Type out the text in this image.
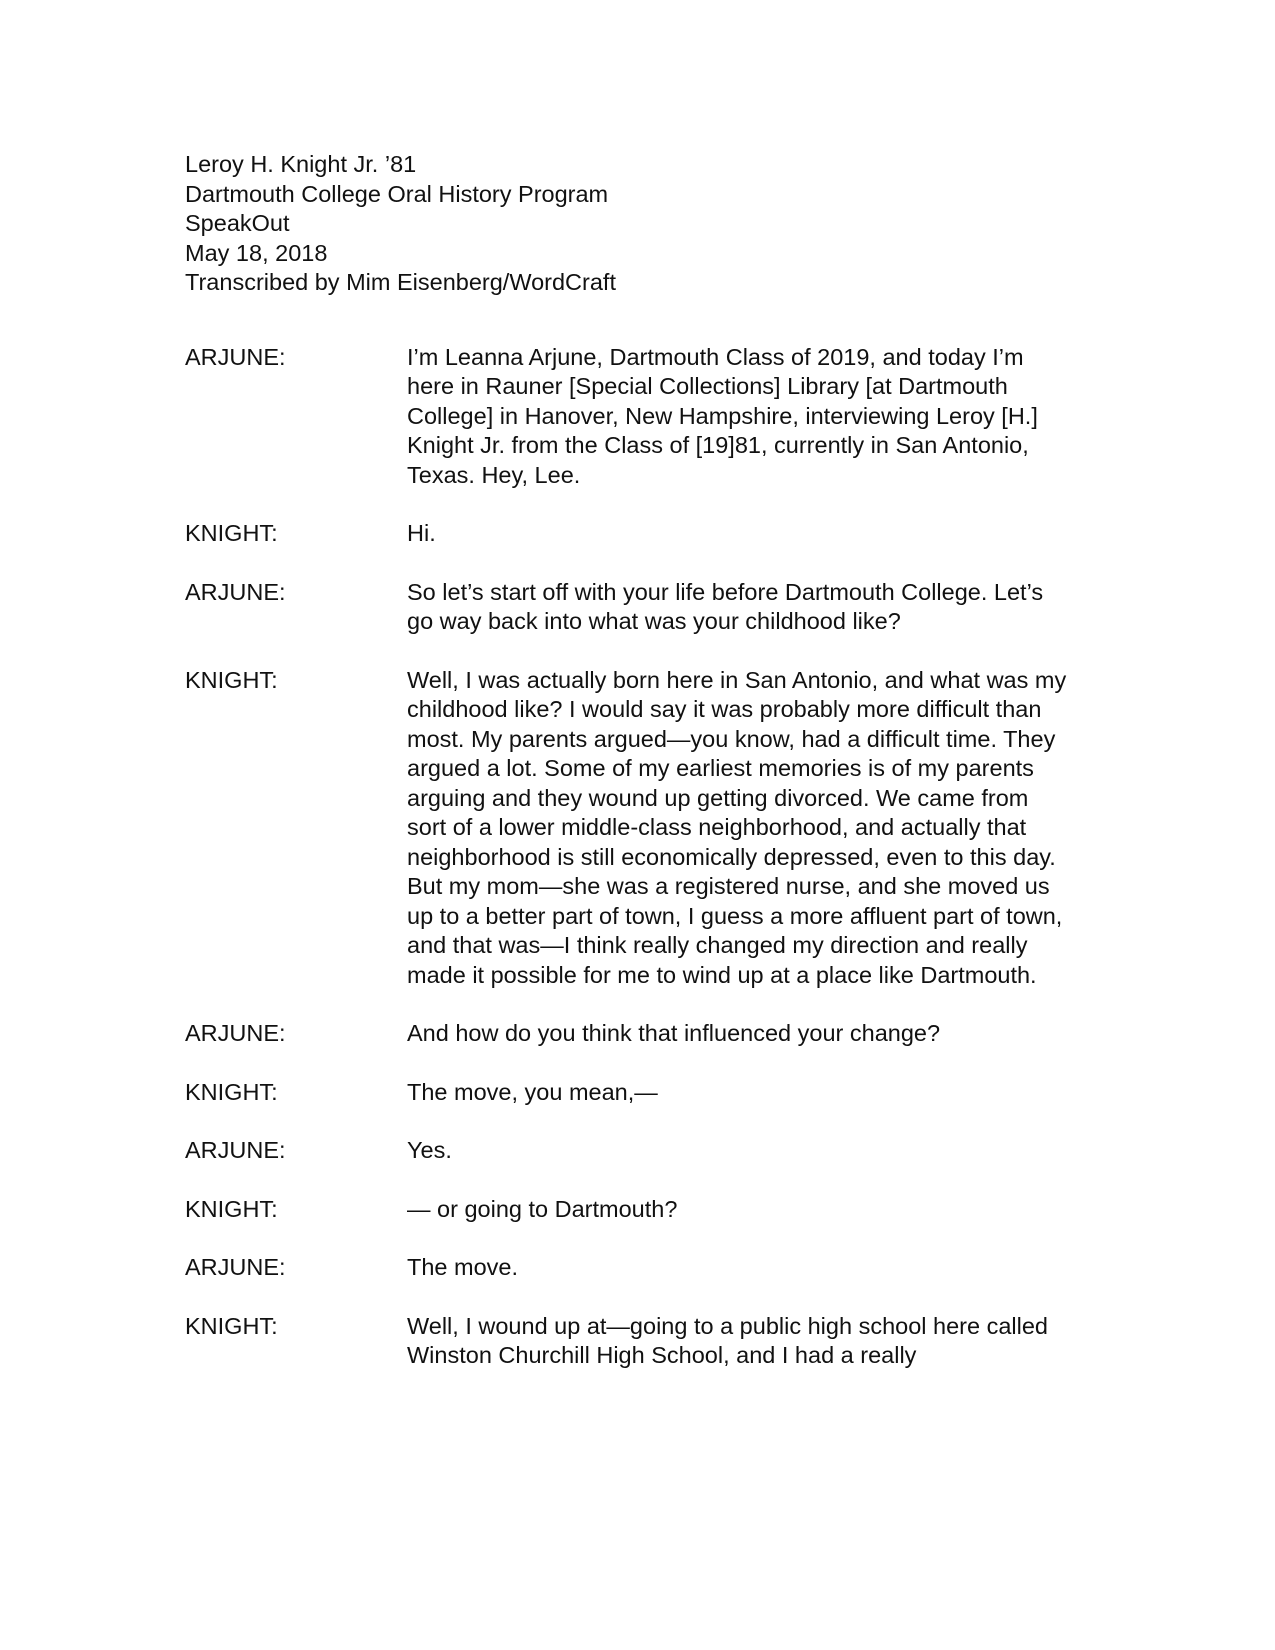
Leroy H. Knight Jr. ’81
Dartmouth College Oral History Program
SpeakOut
May 18, 2018
Transcribed by Mim Eisenberg/WordCraft
ARJUNE:	I’m Leanna Arjune, Dartmouth Class of 2019, and today I’m here in Rauner [Special Collections] Library [at Dartmouth College] in Hanover, New Hampshire, interviewing Leroy [H.] Knight Jr. from the Class of [19]81, currently in San Antonio, Texas. Hey, Lee.
KNIGHT:	Hi.
ARJUNE:	So let’s start off with your life before Dartmouth College. Let’s go way back into what was your childhood like?
KNIGHT:	Well, I was actually born here in San Antonio, and what was my childhood like? I would say it was probably more difficult than most. My parents argued—you know, had a difficult time. They argued a lot. Some of my earliest memories is of my parents arguing and they wound up getting divorced. We came from sort of a lower middle-class neighborhood, and actually that neighborhood is still economically depressed, even to this day. But my mom—she was a registered nurse, and she moved us up to a better part of town, I guess a more affluent part of town, and that was—I think really changed my direction and really made it possible for me to wind up at a place like Dartmouth.
ARJUNE:	And how do you think that influenced your change?
KNIGHT:	The move, you mean,—
ARJUNE:	Yes.
KNIGHT:	— or going to Dartmouth?
ARJUNE:	The move.
KNIGHT:	Well, I wound up at—going to a public high school here called Winston Churchill High School, and I had a really
